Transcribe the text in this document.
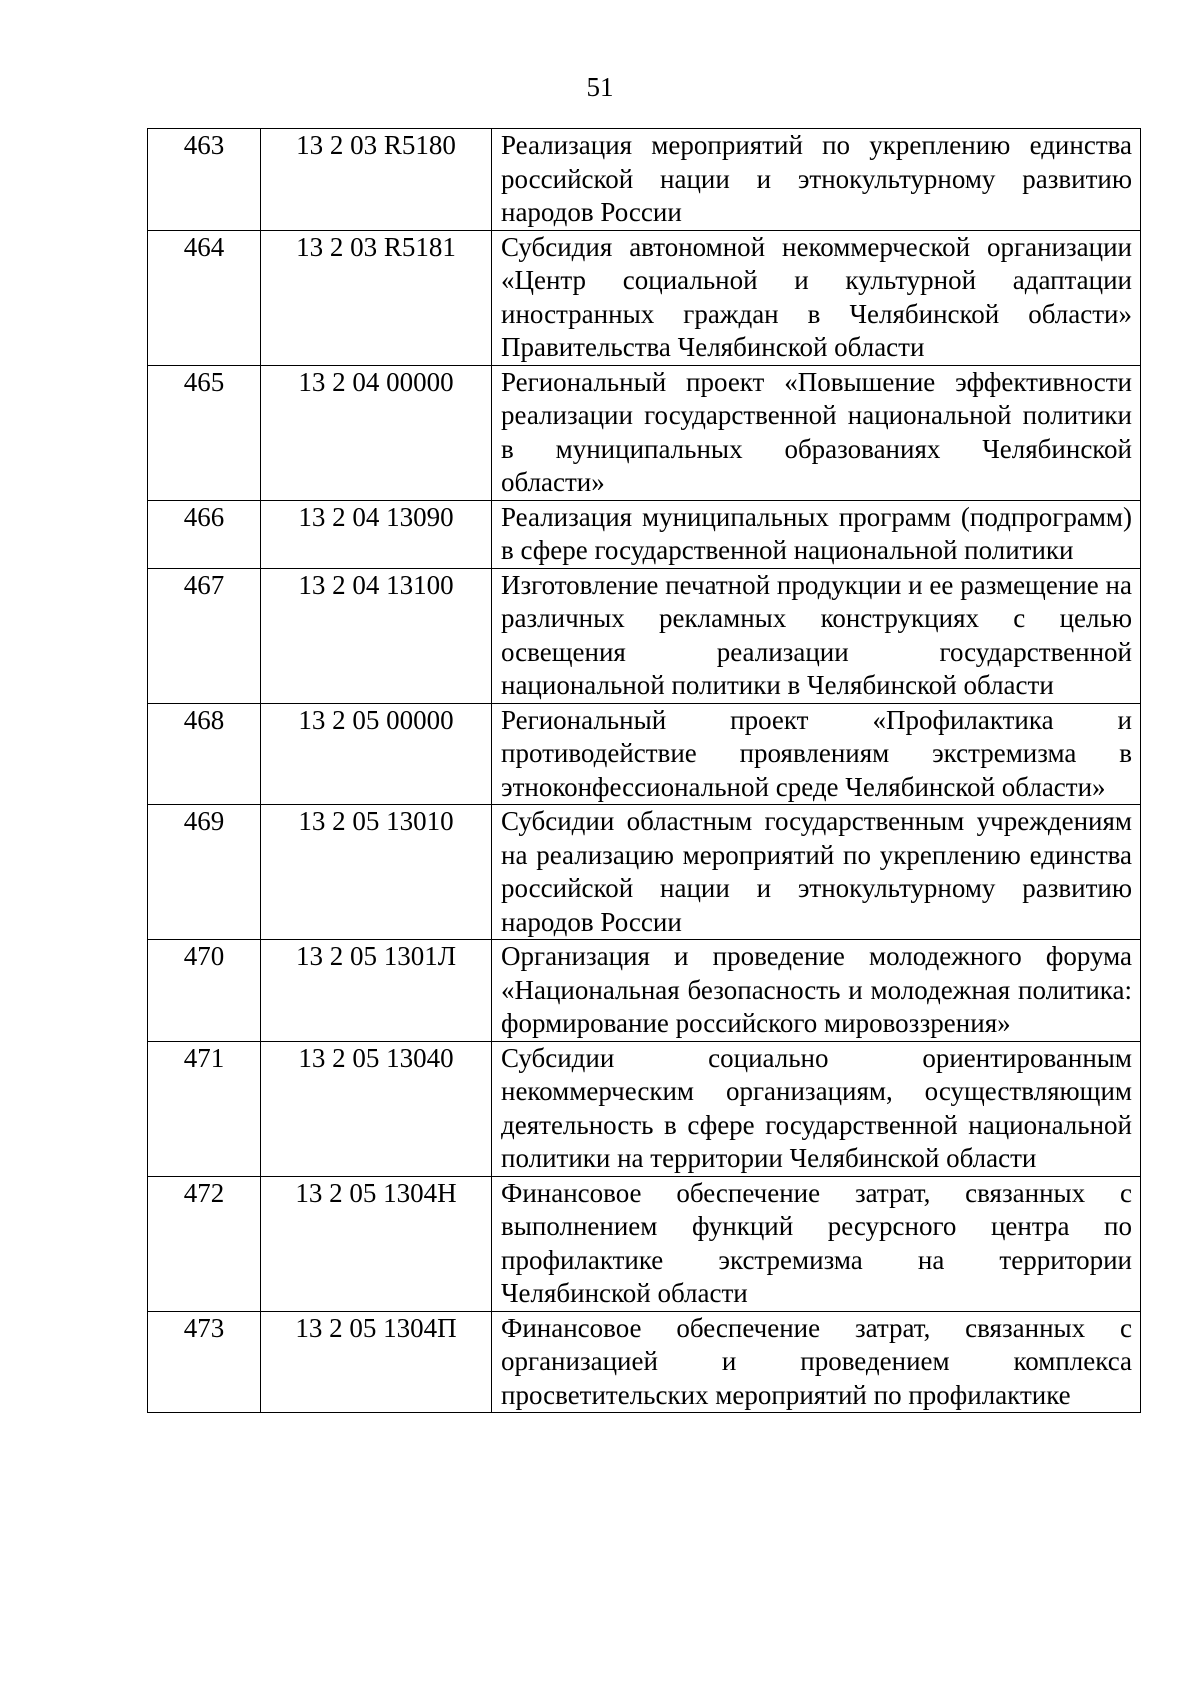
51
463	13 2 03 R5180	Реализация мероприятий по укреплению единства российской нации и этнокультурному развитию народов России
464	13 2 03 R5181	Субсидия автономной некоммерческой организации «Центр социальной и культурной адаптации иностранных граждан в Челябинской области» Правительства Челябинской области
465	13 2 04 00000	Региональный проект «Повышение эффективности реализации государственной национальной политики в муниципальных образованиях Челябинской области»
466	13 2 04 13090	Реализация муниципальных программ (подпрограмм) в сфере государственной национальной политики
467	13 2 04 13100	Изготовление печатной продукции и ее размещение на различных рекламных конструкциях с целью освещения реализации государственной национальной политики в Челябинской области
468	13 2 05 00000	Региональный проект «Профилактика и противодействие проявлениям экстремизма в этноконфессиональной среде Челябинской области»
469	13 2 05 13010	Субсидии областным государственным учреждениям на реализацию мероприятий по укреплению единства российской нации и этнокультурному развитию народов России
470	13 2 05 1301Л	Организация и проведение молодежного форума «Национальная безопасность и молодежная политика: формирование российского мировоззрения»
471	13 2 05 13040	Субсидии социально ориентированным некоммерческим организациям, осуществляющим деятельность в сфере государственной национальной политики на территории Челябинской области
472	13 2 05 1304Н	Финансовое обеспечение затрат, связанных с выполнением функций ресурсного центра по профилактике экстремизма на территории Челябинской области
473	13 2 05 1304П	Финансовое обеспечение затрат, связанных с организацией и проведением комплекса просветительских мероприятий по профилактике
